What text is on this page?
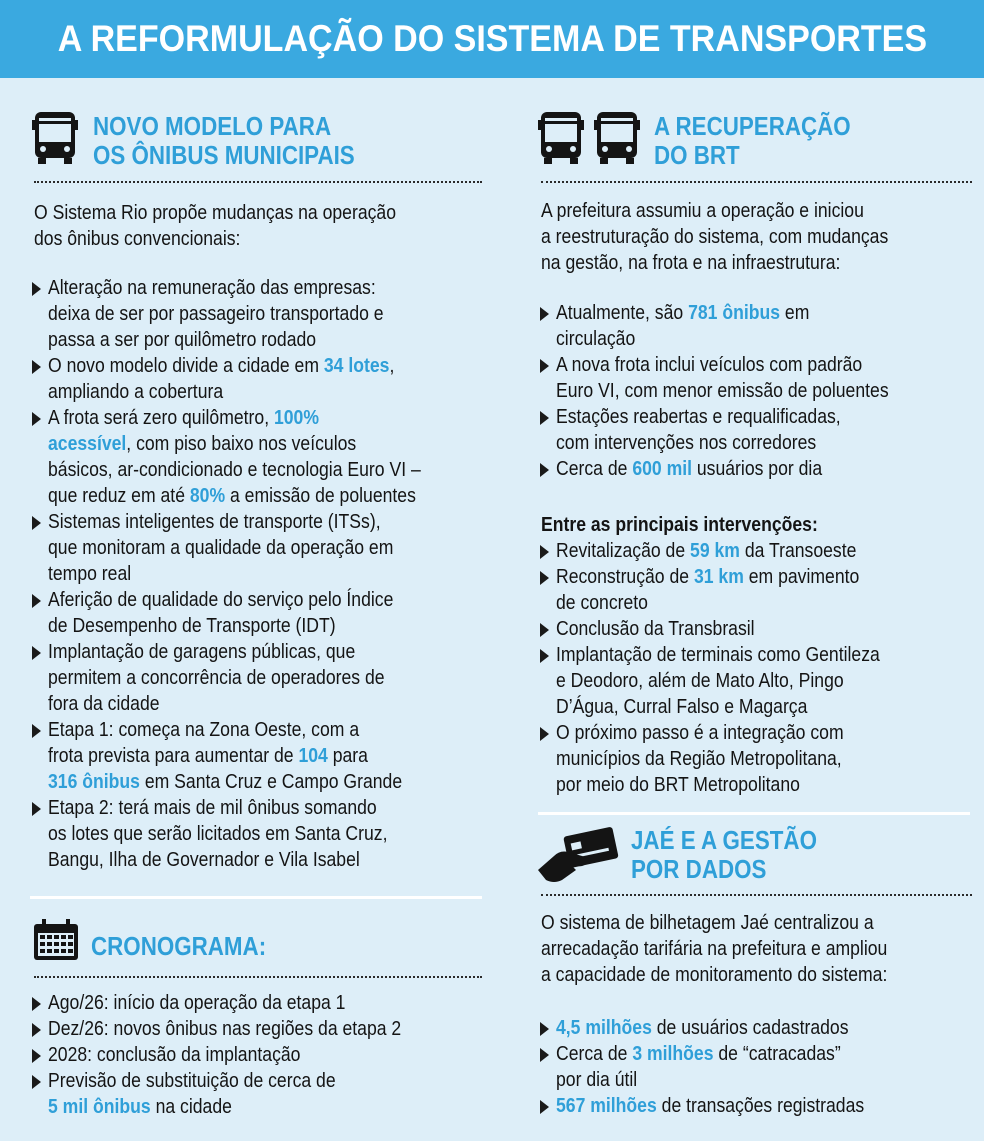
A REFORMULAÇÃO DO SISTEMA DE TRANSPORTES
NOVO MODELO PARA
OS ÔNIBUS MUNICIPAIS
O Sistema Rio propõe mudanças na operação
dos ônibus convencionais:
Alteração na remuneração das empresas:
deixa de ser por passageiro transportado e
passa a ser por quilômetro rodado
O novo modelo divide a cidade em 34 lotes,
ampliando a cobertura
A frota será zero quilômetro, 100%
acessível, com piso baixo nos veículos
básicos, ar-condicionado e tecnologia Euro VI –
que reduz em até 80% a emissão de poluentes
Sistemas inteligentes de transporte (ITSs),
que monitoram a qualidade da operação em
tempo real
Aferição de qualidade do serviço pelo Índice
de Desempenho de Transporte (IDT)
Implantação de garagens públicas, que
permitem a concorrência de operadores de
fora da cidade
Etapa 1: começa na Zona Oeste, com a
frota prevista para aumentar de 104 para
316 ônibus em Santa Cruz e Campo Grande
Etapa 2: terá mais de mil ônibus somando
os lotes que serão licitados em Santa Cruz,
Bangu, Ilha de Governador e Vila Isabel
CRONOGRAMA:
Ago/26: início da operação da etapa 1
Dez/26: novos ônibus nas regiões da etapa 2
2028: conclusão da implantação
Previsão de substituição de cerca de
5 mil ônibus na cidade
A RECUPERAÇÃO
DO BRT
A prefeitura assumiu a operação e iniciou
a reestruturação do sistema, com mudanças
na gestão, na frota e na infraestrutura:
Atualmente, são 781 ônibus em
circulação
A nova frota inclui veículos com padrão
Euro VI, com menor emissão de poluentes
Estações reabertas e requalificadas,
com intervenções nos corredores
Cerca de 600 mil usuários por dia
Entre as principais intervenções:
Revitalização de 59 km da Transoeste
Reconstrução de 31 km em pavimento
de concreto
Conclusão da Transbrasil
Implantação de terminais como Gentileza
e Deodoro, além de Mato Alto, Pingo
D’Água, Curral Falso e Magarça
O próximo passo é a integração com
municípios da Região Metropolitana,
por meio do BRT Metropolitano
JAÉ E A GESTÃO
POR DADOS
O sistema de bilhetagem Jaé centralizou a
arrecadação tarifária na prefeitura e ampliou
a capacidade de monitoramento do sistema:
4,5 milhões de usuários cadastrados
Cerca de 3 milhões de “catracadas”
por dia útil
567 milhões de transações registradas
